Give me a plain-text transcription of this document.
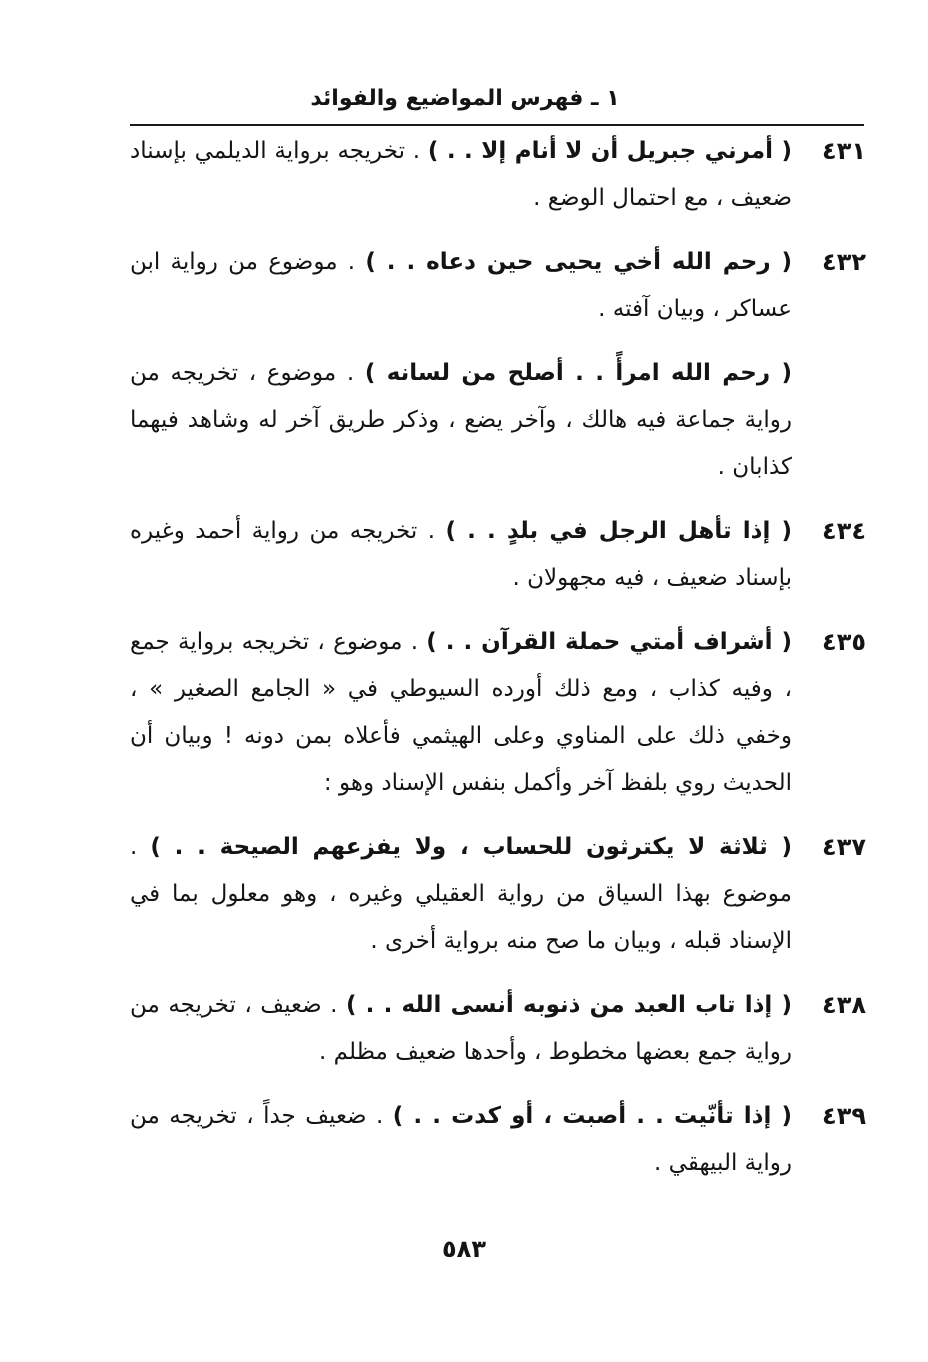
١ ـ فهرس المواضيع والفوائد
٤٣١
( أمرني جبريل أن لا أنام إلا . . ) . تخريجه برواية الديلمي بإسناد ضعيف ، مع احتمال الوضع .
٤٣٢
( رحم الله أخي يحيى حين دعاه . . ) . موضوع من رواية ابن عساكر ، وبيان آفته .
( رحم الله امرأً . . أصلح من لسانه ) . موضوع ، تخريجه من رواية جماعة فيه هالك ، وآخر يضع ، وذكر طريق آخر له وشاهد فيهما كذابان .
٤٣٤
( إذا تأهل الرجل في بلدٍ . . ) . تخريجه من رواية أحمد وغيره بإسناد ضعيف ، فيه مجهولان .
٤٣٥
( أشراف أمتي حملة القرآن . . ) . موضوع ، تخريجه برواية جمع ، وفيه كذاب ، ومع ذلك أورده السيوطي في « الجامع الصغير » ، وخفي ذلك على المناوي وعلى الهيثمي فأعلاه بمن دونه ! وبيان أن الحديث روي بلفظ آخر وأكمل بنفس الإسناد وهو :
٤٣٧
( ثلاثة لا يكترثون للحساب ، ولا يفزعهم الصيحة . . ) . موضوع بهذا السياق من رواية العقيلي وغيره ، وهو معلول بما في الإسناد قبله ، وبيان ما صح منه برواية أخرى .
٤٣٨
( إذا تاب العبد من ذنوبه أنسى الله . . ) . ضعيف ، تخريجه من رواية جمع بعضها مخطوط ، وأحدها ضعيف مظلم .
٤٣٩
( إذا تأنّيت . . أصبت ، أو كدت . . ) . ضعيف جداً ، تخريجه من رواية البيهقي .
٥٨٣
